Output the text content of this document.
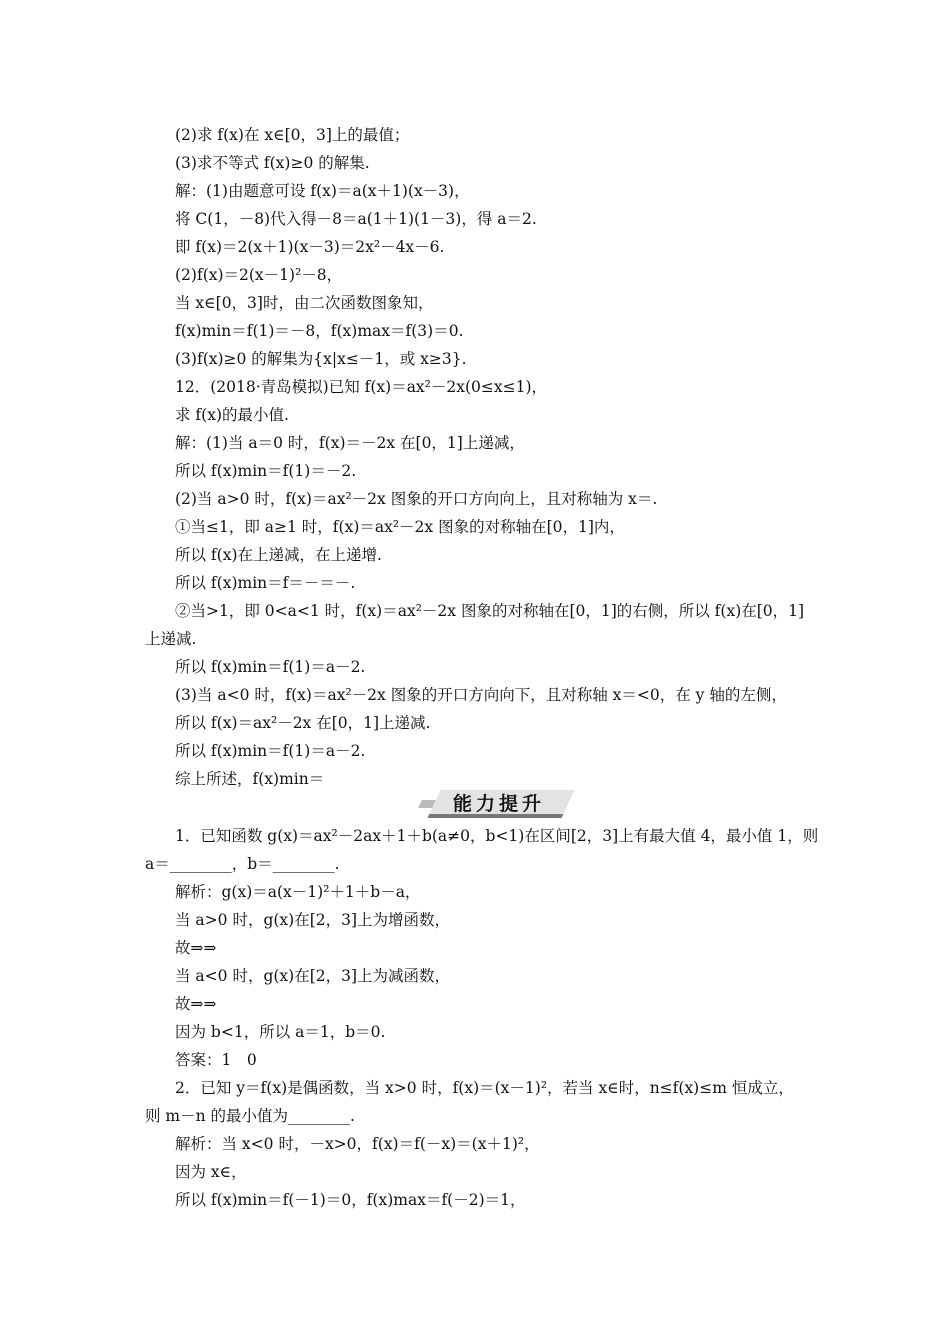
(2)求 f(x)在 x∈[0，3]上的最值；
(3)求不等式 f(x)≥0 的解集.
解：(1)由题意可设 f(x)＝a(x＋1)(x－3)，
将 C(1，－8)代入得－8＝a(1＋1)(1－3)，得 a＝2.
即 f(x)＝2(x＋1)(x－3)＝2x²－4x－6.
(2)f(x)＝2(x－1)²－8，
当 x∈[0，3]时，由二次函数图象知，
f(x)min＝f(1)＝－8，f(x)max＝f(3)＝0.
(3)f(x)≥0 的解集为{x|x≤－1，或 x≥3}.
12．(2018·青岛模拟)已知 f(x)＝ax²－2x(0≤x≤1)，
求 f(x)的最小值.
解：(1)当 a＝0 时，f(x)＝－2x 在[0，1]上递减，
所以 f(x)min＝f(1)＝－2.
(2)当 a>0 时，f(x)＝ax²－2x 图象的开口方向向上，且对称轴为 x＝.
①当≤1，即 a≥1 时，f(x)＝ax²－2x 图象的对称轴在[0，1]内，
所以 f(x)在上递减，在上递增.
所以 f(x)min＝f＝－＝－.
②当>1，即 0<a<1 时，f(x)＝ax²－2x 图象的对称轴在[0，1]的右侧，所以 f(x)在[0，1]
上递减.
所以 f(x)min＝f(1)＝a－2.
(3)当 a<0 时，f(x)＝ax²－2x 图象的开口方向向下，且对称轴 x＝<0，在 y 轴的左侧，
所以 f(x)＝ax²－2x 在[0，1]上递减.
所以 f(x)min＝f(1)＝a－2.
综上所述，f(x)min＝
1．已知函数 g(x)＝ax²－2ax＋1＋b(a≠0，b<1)在区间[2，3]上有最大值 4，最小值 1，则
a＝________，b＝________.
解析：g(x)＝a(x－1)²＋1＋b－a，
当 a>0 时，g(x)在[2，3]上为增函数，
故⇒⇒
当 a<0 时，g(x)在[2，3]上为减函数，
故⇒⇒
因为 b<1，所以 a＝1，b＝0.
答案：1　0
2．已知 y＝f(x)是偶函数，当 x>0 时，f(x)＝(x－1)²，若当 x∈时，n≤f(x)≤m 恒成立，
则 m－n 的最小值为________.
解析：当 x<0 时，－x>0，f(x)＝f(－x)＝(x＋1)²，
因为 x∈，
所以 f(x)min＝f(－1)＝0，f(x)max＝f(－2)＝1，
能力提升
